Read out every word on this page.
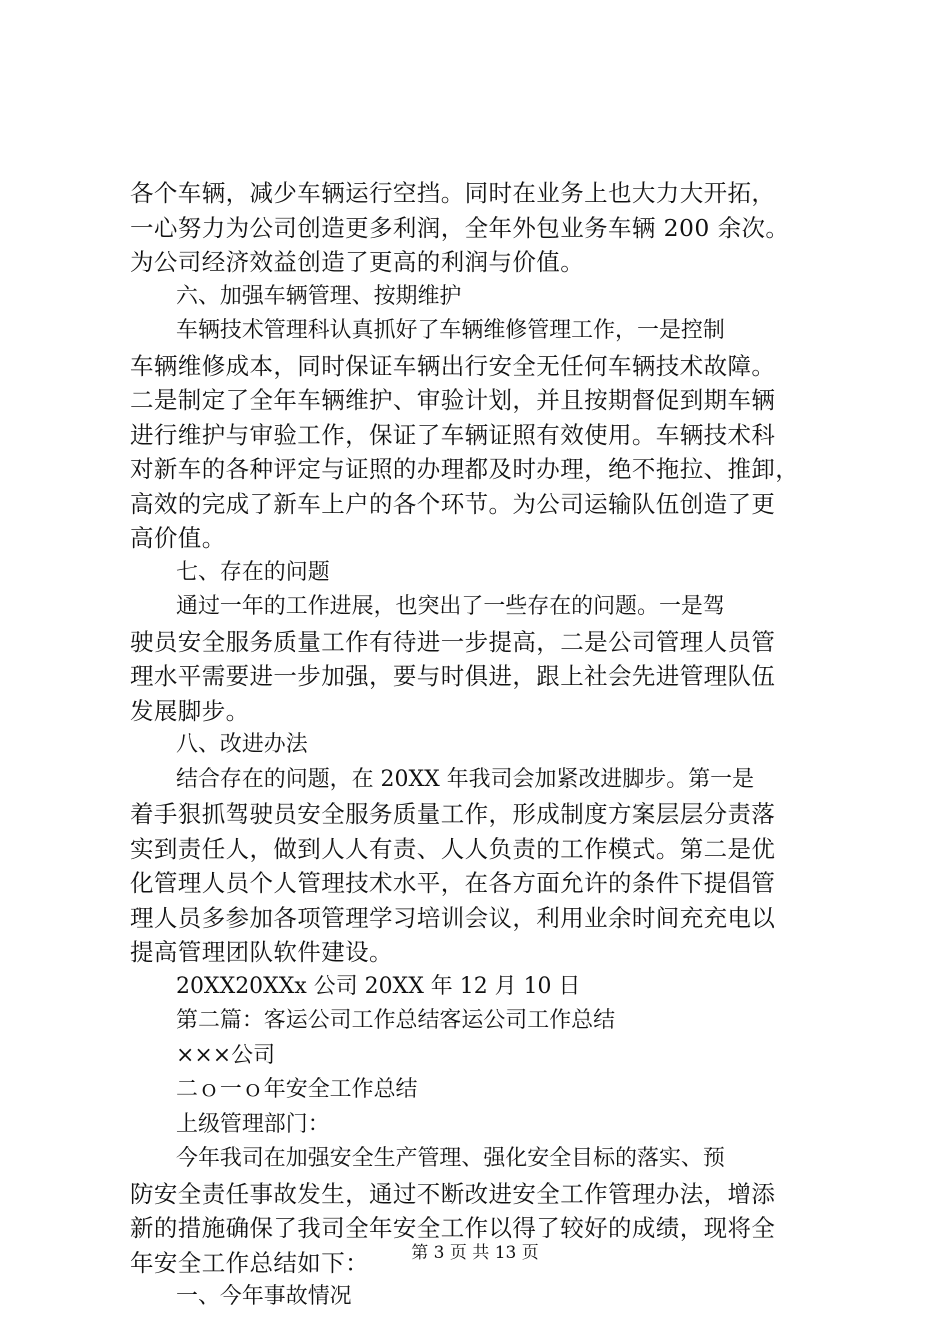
各个车辆，减少车辆运行空挡。同时在业务上也大力大开拓，
一心努力为公司创造更多利润，全年外包业务车辆 200 余次。
为公司经济效益创造了更高的利润与价值。
六、加强车辆管理、按期维护
车辆技术管理科认真抓好了车辆维修管理工作，一是控制
车辆维修成本，同时保证车辆出行安全无任何车辆技术故障。
二是制定了全年车辆维护、审验计划，并且按期督促到期车辆
进行维护与审验工作，保证了车辆证照有效使用。车辆技术科
对新车的各种评定与证照的办理都及时办理，绝不拖拉、推卸，
高效的完成了新车上户的各个环节。为公司运输队伍创造了更
高价值。
七、存在的问题
通过一年的工作进展，也突出了一些存在的问题。一是驾
驶员安全服务质量工作有待进一步提高，二是公司管理人员管
理水平需要进一步加强，要与时俱进，跟上社会先进管理队伍
发展脚步。
八、改进办法
结合存在的问题，在 20XX 年我司会加紧改进脚步。第一是
着手狠抓驾驶员安全服务质量工作，形成制度方案层层分责落
实到责任人，做到人人有责、人人负责的工作模式。第二是优
化管理人员个人管理技术水平，在各方面允许的条件下提倡管
理人员多参加各项管理学习培训会议，利用业余时间充充电以
提高管理团队软件建设。
20XX20XXx 公司 20XX 年 12 月 10 日
第二篇：客运公司工作总结客运公司工作总结
×××公司
二ｏ一ｏ年安全工作总结
上级管理部门：
今年我司在加强安全生产管理、强化安全目标的落实、预
防安全责任事故发生，通过不断改进安全工作管理办法，增添
新的措施确保了我司全年安全工作以得了较好的成绩，现将全
年安全工作总结如下：
一、今年事故情况
第 3 页 共 13 页
